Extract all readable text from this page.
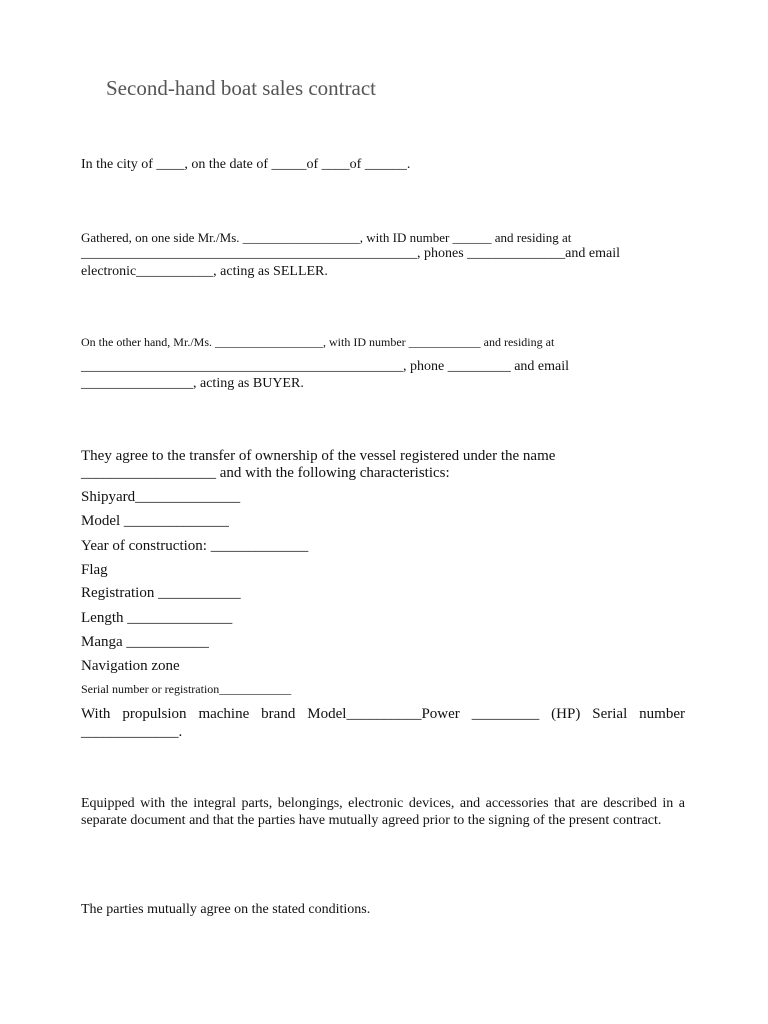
Second-hand boat sales contract
In the city of ____, on the date of _____of ____of ______.
Gathered, on one side Mr./Ms. __________________, with ID number ______ and residing at
________________________________________________, phones ______________and email
electronic___________, acting as SELLER.
On the other hand, Mr./Ms. __________________, with ID number ____________ and residing at
______________________________________________, phone _________ and email
________________, acting as BUYER.
They agree to the transfer of ownership of the vessel registered under the name
__________________ and with the following characteristics:
Shipyard______________
Model ______________
Year of construction: _____________
Flag
Registration ___________
Length ______________
Manga ___________
Navigation zone
Serial number or registration____________
With propulsion machine brand Model__________Power _________ (HP) Serial number
_____________.
Equipped with the integral parts, belongings, electronic devices, and accessories that are described in a separate document and that the parties have mutually agreed prior to the signing of the present contract.
The parties mutually agree on the stated conditions.
